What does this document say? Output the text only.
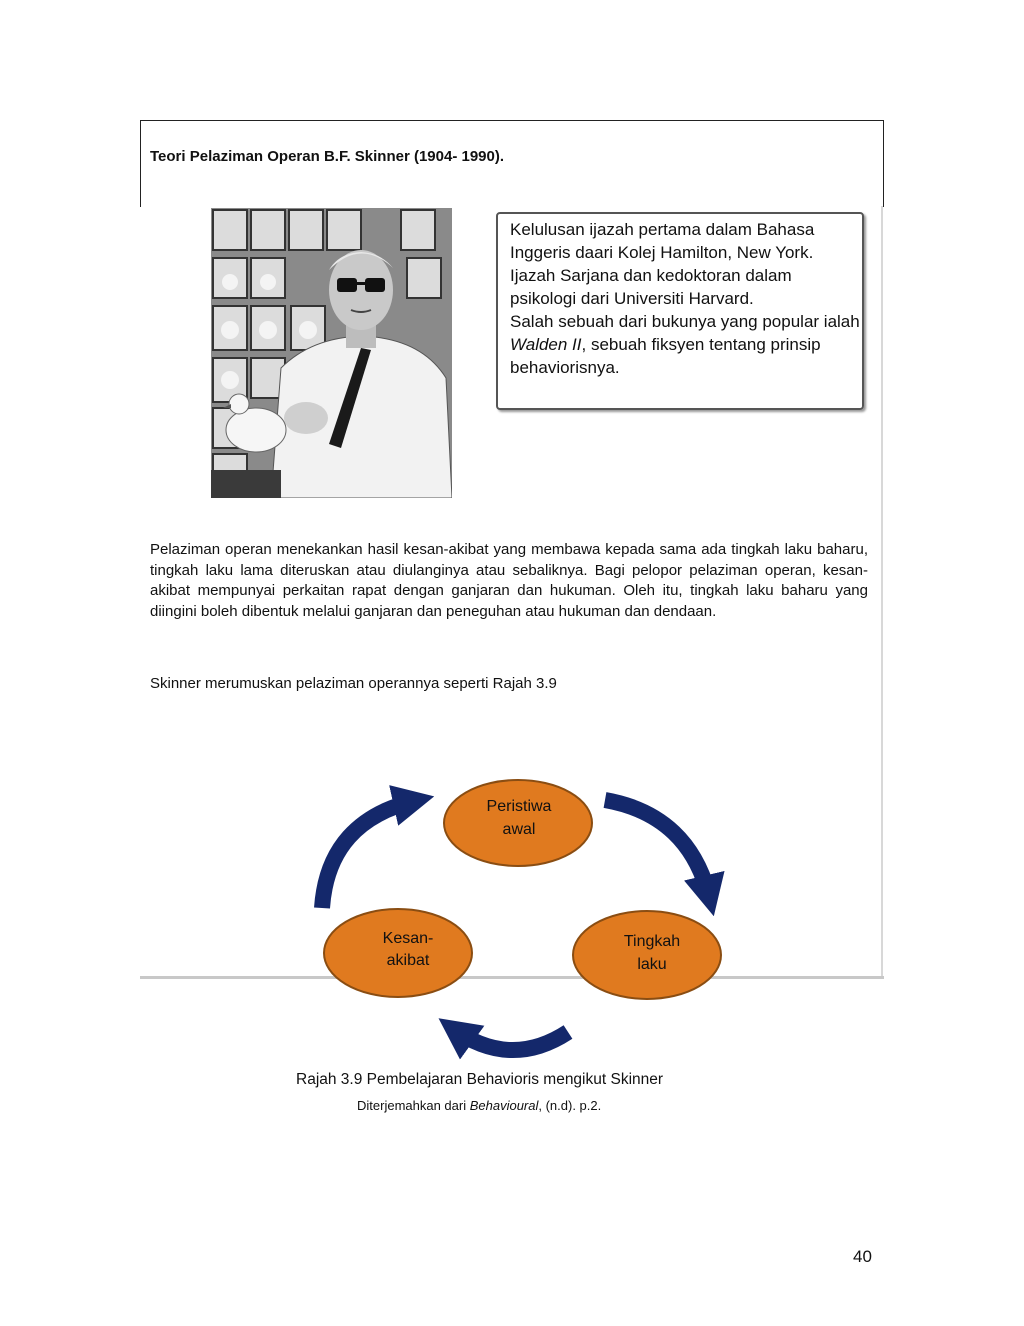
Teori Pelaziman Operan B.F. Skinner (1904- 1990).

Kelulusan ijazah pertama dalam Bahasa Inggeris daari Kolej Hamilton, New York.

Ijazah Sarjana dan kedoktoran dalam psikologi dari Universiti Harvard.

Salah sebuah dari bukunya yang popular ialah Walden II, sebuah fiksyen tentang prinsip behaviorisnya.

Pelaziman operan menekankan hasil kesan-akibat yang membawa kepada sama ada tingkah laku baharu, tingkah laku lama diteruskan atau diulanginya atau sebaliknya. Bagi pelopor pelaziman operan, kesan-akibat mempunyai perkaitan rapat dengan ganjaran dan hukuman. Oleh itu, tingkah laku baharu yang diingini boleh dibentuk melalui ganjaran dan peneguhan atau hukuman dan dendaan.

Skinner merumuskan pelaziman operannya seperti Rajah 3.9

Peristiwa
awal
Tingkah
laku
Kesan-
akibat

Rajah 3.9 Pembelajaran Behavioris mengikut Skinner

Diterjemahkan dari Behavioural, (n.d). p.2.

40
